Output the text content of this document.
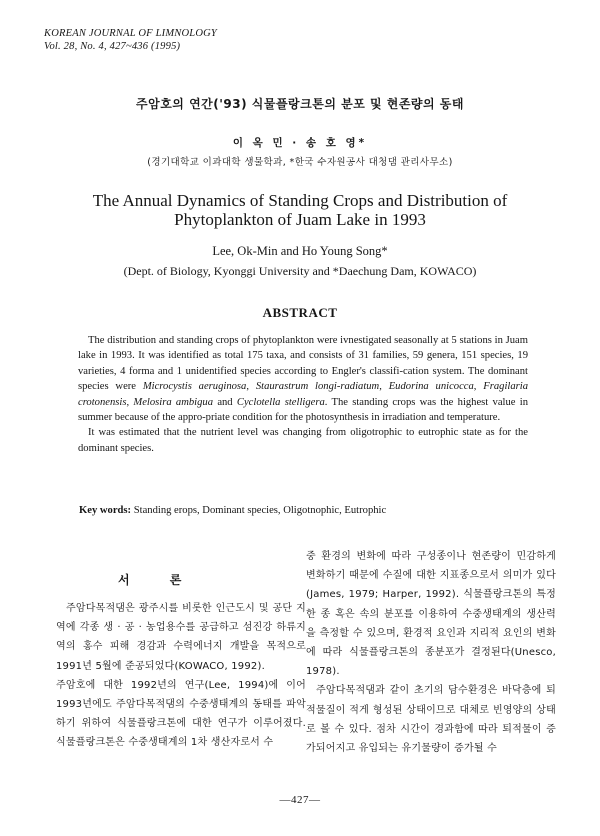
KOREAN JOURNAL OF LIMNOLOGY
Vol. 28, No. 4, 427~436 (1995)
주암호의 연간('93) 식물플랑크톤의 분포 및 현존량의 동태
이 옥 민 · 송 호 영*
(경기대학교 이과대학 생물학과, *한국 수자원공사 대청댐 관리사무소)
The Annual Dynamics of Standing Crops and Distribution of
Phytoplankton of Juam Lake in 1993
Lee, Ok-Min and Ho Young Song*
(Dept. of Biology, Kyonggi University and *Daechung Dam, KOWACO)
ABSTRACT

The distribution and standing crops of phytoplankton were ivnestigated seasonally at 5 stations in Juam lake in 1993. It was identified as total 175 taxa, and consists of 31 families, 59 genera, 151 species, 19 varieties, 4 forma and 1 unidentified species according to Engler's classifi-cation system. The dominant species were Microcystis aeruginosa, Staurastrum longi-radiatum, Eudorina unicocca, Fragilaria crotonensis, Melosira ambigua and Cyclotella stelligera. The standing crops was the highest value in summer because of the appro-priate condition for the photosynthesis in irradiation and temperature.

It was estimated that the nutrient level was changing from oligotrophic to eutrophic state as for the dominant species.

Key words: Standing erops, Dominant species, Oligotnophic, Eutrophic
서 론

주암다목적댐은 광주시를 비롯한 인근도시 및 공단 지역에 각종 생 · 공 · 농업용수를 공급하고 섬진강 하류지역의 홍수 피해 경감과 수력에너지 개발을 목적으로 1991년 5월에 준공되었다(KOWACO, 1992).

주암호에 대한 1992년의 연구(Lee, 1994)에 이어 1993년에도 주암다목적댐의 수중생태계의 동태를 파악하기 위하여 식물플랑크톤에 대한 연구가 이루어졌다. 식물플랑크톤은 수중생태계의 1차 생산자로서 수

중 환경의 변화에 따라 구성종이나 현존량이 민감하게 변화하기 때문에 수질에 대한 지표종으로서 의미가 있다(James, 1979; Harper, 1992). 식물플랑크톤의 특정한 종 혹은 속의 분포를 이용하여 수중생태계의 생산력을 측정할 수 있으며, 환경적 요인과 지리적 요인의 변화에 따라 식물플랑크톤의 종분포가 결정된다(Unesco, 1978).

주암다목적댐과 같이 초기의 담수환경은 바닥층에 퇴적물질이 적게 형성된 상태이므로 대체로 빈영양의 상태로 볼 수 있다. 점차 시간이 경과함에 따라 퇴적물이 증가되어지고 유입되는 유기물량이 증가될 수

—427—
